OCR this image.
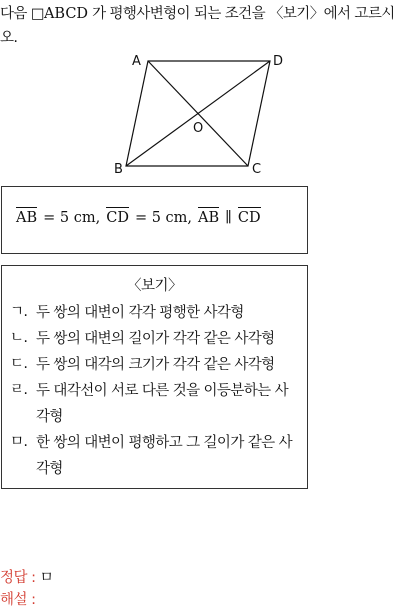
다음 □ABCD 가 평행사변형이 되는 조건을 〈보기〉에서 고르시오.
A	D
B	C
O
AB = 5 cm, CD = 5 cm, AB ∥ CD
〈보기〉
ㄱ. 두 쌍의 대변이 각각 평행한 사각형
ㄴ. 두 쌍의 대변의 길이가 각각 같은 사각형
ㄷ. 두 쌍의 대각의 크기가 각각 같은 사각형
ㄹ. 두 대각선이 서로 다른 것을 이등분하는 사각형
ㅁ. 한 쌍의 대변이 평행하고 그 길이가 같은 사각형
정답 : ㅁ
해설 :
